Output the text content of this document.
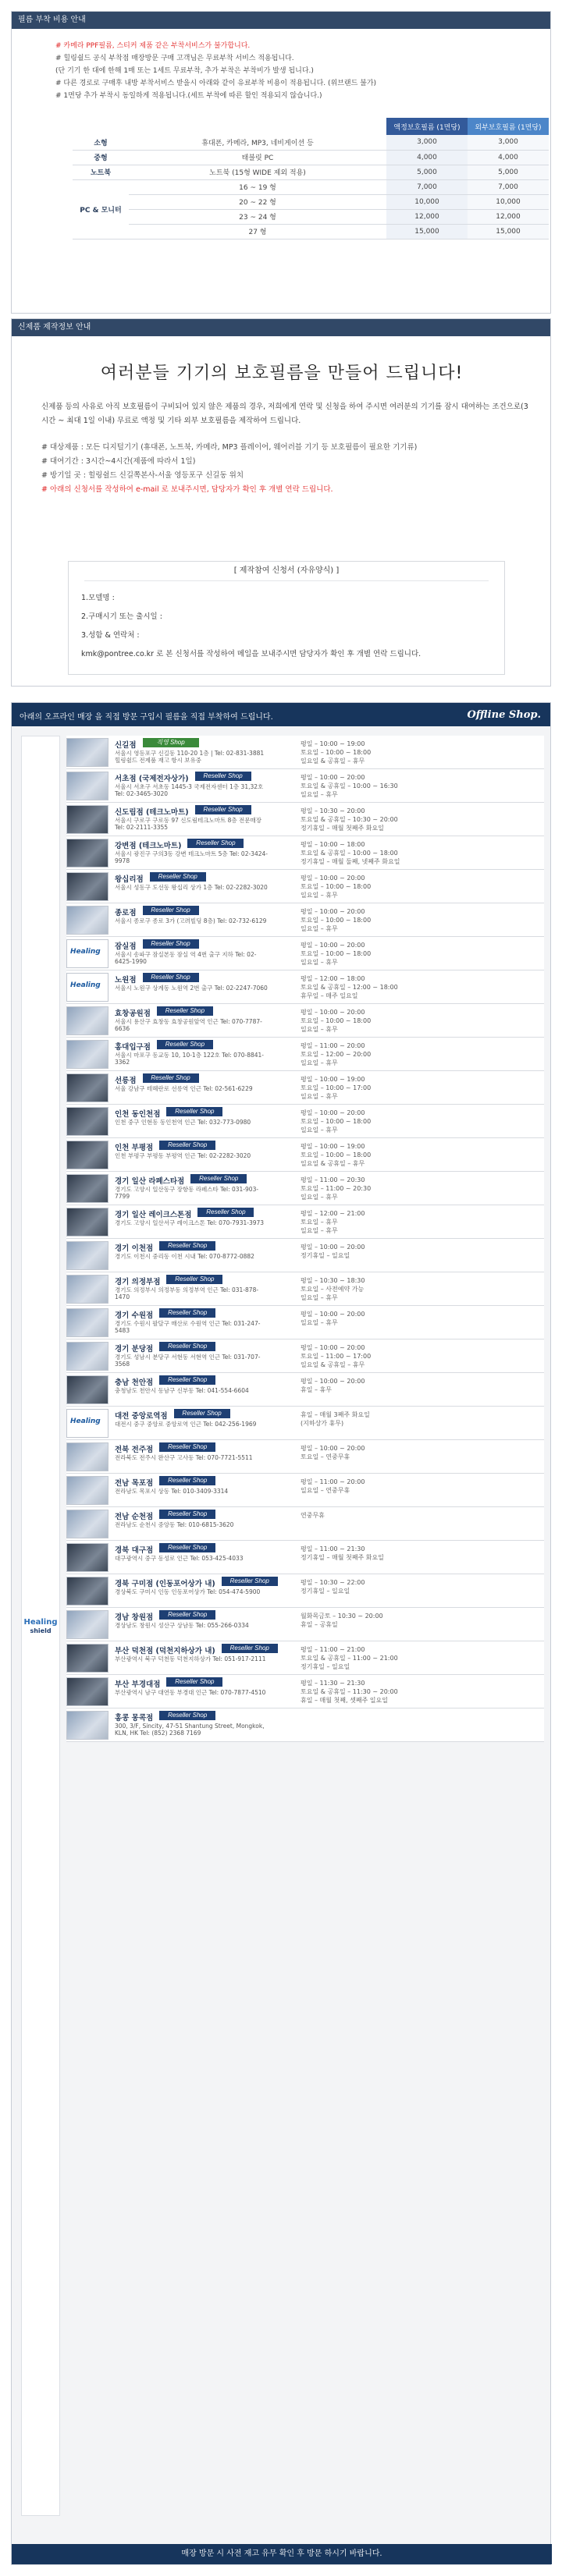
필름 부착 비용 안내
# 카메라 PPF필름, 스티커 제품 같은 부착서비스가 불가합니다.
# 힐링쉴드 공식 부착점 매장방문 구매 고객님은 무료부착 서비스 적용됩니다.
(단 기기 한 대에 한해 1매 또는 1세트 무료부착, 추가 부착은 부착비가 발생 됩니다.)
# 다른 경로로 구매후 내방 부착서비스 받을시 아래와 같이 유료부착 비용이 적용됩니다. (위브랜드 불가)
# 1면당 추가 부착시 동일하게 적용됩니다.(세트 부착에 따른 할인 적용되지 않습니다.)
		액정보호필름 (1면당)	외부보호필름 (1면당)
소형	휴대폰, 카메라, MP3, 네비게이션 등	3,000	3,000
중형	태블릿 PC	4,000	4,000
노트북	노트북 (15형 WIDE 제외 적용)	5,000	5,000
PC & 모니터	16 ~ 19 형	7,000	7,000
	20 ~ 22 형	10,000	10,000
	23 ~ 24 형	12,000	12,000
	27 형	15,000	15,000
신제품 제작정보 안내
여러분들 기기의 보호필름을 만들어 드립니다!
신제품 등의 사유로 아직 보호필름이 구비되어 있지 않은 제품의 경우, 저희에게 연락 및 신청을 하여 주시면 여러분의 기기를 잠시 대여하는 조건으로(3시간 ~ 최대 1일 이내) 무료로 액정 및 기타 외부 보호필름을 제작하여 드립니다.
# 대상제품 : 모든 디지털기기 (휴대폰, 노트북, 카메라, MP3 플레이어, 웨어러블 기기 등 보호필름이 필요한 기기류)
# 대여기간 : 3시간~4시간(제품에 따라서 1일)
# 방기일 곳 : 힐링쉴드 신길쪽본사-서울 영등포구 신길동 위치
# 아래의 신청서를 작성하여 e-mail 로 보내주시면, 담당자가 확인 후 개별 연락 드립니다.
[ 제작참여 신청서 (자유양식) ]
1.모델명 :
2.구매시기 또는 출시일 :
3.성함 & 연락처 :
kmk@pontree.co.kr 로 본 신청서를 작성하여 메일을 보내주시면 담당자가 확인 후 개별 연락 드립니다.
아래의 오프라인 매장 을 직접 방문 구입시 필름을 직접 부착하여 드립니다.	Offline Shop.
Healing
shield
신길점	직영 Shop
서울시 영등포구 신길동 110-20 1층 | Tel: 02-831-3881 힐링쉴드 전제품 재고 항시 보유중
평일 – 10:00 ~ 19:00
토요일 – 10:00 ~ 18:00
일요일 & 공휴일 – 휴무
서초점 (국제전자상가)	Reseller Shop
서울시 서초구 서초동 1445-3 국제전자센터 1층 31,32호 Tel: 02-3465-3020
평일 – 10:00 ~ 20:00
토요일 & 공휴일 – 10:00 ~ 16:30
일요일 – 휴무
신도림점 (테크노마트)	Reseller Shop
서울시 구로구 구로동 97 신도림테크노마트 8층 전문매장 Tel: 02-2111-3355
평일 – 10:30 ~ 20:00
토요일 & 공휴일 – 10:30 ~ 20:00
정기휴일 – 매월 첫째주 화요일
강변점 (테크노마트)	Reseller Shop
서울시 광진구 구의3동 강변 테크노마트 5층 Tel: 02-3424-9978
평일 – 10:00 ~ 18:00
토요일 & 공휴일 – 10:00 ~ 18:00
정기휴일 – 매월 둘째, 넷째주 화요일
왕십리점	Reseller Shop
서울시 성동구 도선동 왕십리 상가 1층 Tel: 02-2282-3020
평일 – 10:00 ~ 20:00
토요일 – 10:00 ~ 18:00
일요일 – 휴무
종로점	Reseller Shop
서울시 종로구 종로 3가 (고려빌딩 8층) Tel: 02-732-6129
평일 – 10:00 ~ 20:00
토요일 – 10:00 ~ 18:00
일요일 – 휴무
Healing
잠실점	Reseller Shop
서울시 송파구 잠실본동 잠실 역 4번 출구 지하 Tel: 02-6425-1990
평일 – 10:00 ~ 20:00
토요일 – 10:00 ~ 18:00
일요일 – 휴무
Healing
노원점	Reseller Shop
서울시 노원구 상계동 노원역 2번 출구 Tel: 02-2247-7060
평일 – 12:00 ~ 18:00
토요일 & 공휴일 – 12:00 ~ 18:00
휴무일 – 매주 일요일
효창공원점	Reseller Shop
서울시 용산구 효창동 효창공원앞역 인근 Tel: 070-7787-6636
평일 – 10:00 ~ 20:00
토요일 – 10:00 ~ 18:00
일요일 – 휴무
홍대입구점	Reseller Shop
서울시 마포구 동교동 10, 10-1층 122호 Tel: 070-8841-3362
평일 – 11:00 ~ 20:00
토요일 – 12:00 ~ 20:00
일요일 – 휴무
선릉점	Reseller Shop
서울 강남구 테헤란로 선릉역 인근 Tel: 02-561-6229
평일 – 10:00 ~ 19:00
토요일 – 10:00 ~ 17:00
일요일 – 휴무
인천 동인천점	Reseller Shop
인천 중구 인현동 동인천역 인근 Tel: 032-773-0980
평일 – 10:00 ~ 20:00
토요일 – 10:00 ~ 18:00
일요일 – 휴무
인천 부평점	Reseller Shop
인천 부평구 부평동 부평역 인근 Tel: 02-2282-3020
평일 – 10:00 ~ 19:00
토요일 – 10:00 ~ 18:00
일요일 & 공휴일 – 휴무
경기 일산 라페스타점	Reseller Shop
경기도 고양시 일산동구 장항동 라페스타 Tel: 031-903-7799
평일 – 11:00 ~ 20:30
토요일 – 11:00 ~ 20:30
일요일 – 휴무
경기 일산 레이크스톤점	Reseller Shop
경기도 고양시 일산서구 레이크스톤 Tel: 070-7931-3973
평일 – 12:00 ~ 21:00
토요일 – 휴무
일요일 – 휴무
경기 이천점	Reseller Shop
경기도 이천시 중리동 이천 시내 Tel: 070-8772-0882
평일 – 10:00 ~ 20:00
정기휴일 – 일요일
경기 의정부점	Reseller Shop
경기도 의정부시 의정부동 의정부역 인근 Tel: 031-878-1470
평일 – 10:30 ~ 18:30
토요일 – 사전예약 가능
일요일 – 휴무
경기 수원점	Reseller Shop
경기도 수원시 팔달구 매산로 수원역 인근 Tel: 031-247-5483
평일 – 10:00 ~ 20:00
일요일 – 휴무
경기 분당점	Reseller Shop
경기도 성남시 분당구 서현동 서현역 인근 Tel: 031-707-3568
평일 – 10:00 ~ 20:00
토요일 – 11:00 ~ 17:00
일요일 & 공휴일 – 휴무
충남 천안점	Reseller Shop
충청남도 천안시 동남구 신부동 Tel: 041-554-6604
평일 – 10:00 ~ 20:00
휴일 – 휴무
Healing
대전 중앙로역점	Reseller Shop
대전시 중구 중앙로 중앙로역 인근 Tel: 042-256-1969
휴일 – 매월 3째주 화요일
(지하상가 휴무)
전북 전주점	Reseller Shop
전라북도 전주시 완산구 고사동 Tel: 070-7721-5511
평일 – 10:00 ~ 20:00
토요일 – 연중무휴
전남 목포점	Reseller Shop
전라남도 목포시 상동 Tel: 010-3409-3314
평일 – 11:00 ~ 20:00
일요일 – 연중무휴
전남 순천점	Reseller Shop
전라남도 순천시 중앙동 Tel: 010-6815-3620
연중무휴
경북 대구점	Reseller Shop
대구광역시 중구 동성로 인근 Tel: 053-425-4033
평일 – 11:00 ~ 21:30
정기휴일 – 매월 첫째주 화요일
경북 구미점 (인동포어상가 내)	Reseller Shop
경상북도 구미시 인동 인동포어상가 Tel: 054-474-5900
평일 – 10:30 ~ 22:00
정기휴일 – 일요일
경남 창원점	Reseller Shop
경상남도 창원시 성산구 상남동 Tel: 055-266-0334
월화목금토 – 10:30 ~ 20:00
휴일 – 공휴일
부산 덕천점 (덕천지하상가 내)	Reseller Shop
부산광역시 북구 덕천동 덕천지하상가 Tel: 051-917-2111
평일 – 11:00 ~ 21:00
토요일 & 공휴일 – 11:00 ~ 21:00
정기휴일 – 일요일
부산 부경대점	Reseller Shop
부산광역시 남구 대연동 부경대 인근 Tel: 070-7877-4510
평일 – 11:30 ~ 21:30
토요일 & 공휴일 – 11:30 ~ 20:00
휴일 – 매월 첫째, 셋째주 일요일
홍콩 몽콕점	Reseller Shop
300, 3/F, Sincity, 47-51 Shantung Street, Mongkok, KLN, HK Tel: (852) 2368 7169
매장 방문 시 사전 재고 유무 확인 후 방문 하시기 바랍니다.
